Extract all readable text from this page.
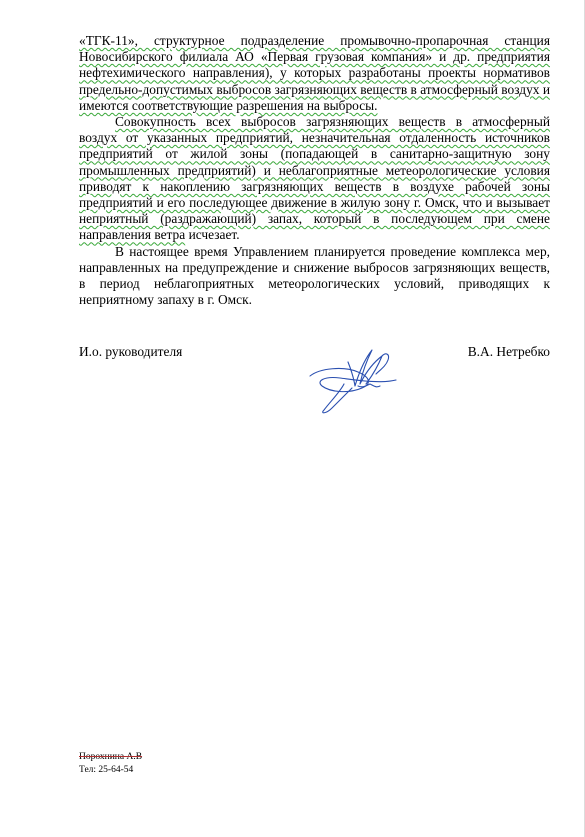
«ТГК-11», структурное подразделение промывочно-пропарочная станция Новосибирского филиала АО «Первая грузовая компания» и др. предприятия нефтехимического направления), у которых разработаны проекты нормативов предельно-допустимых выбросов загрязняющих веществ в атмосферный воздух и имеются соответствующие разрешения на выбросы.

Совокупность всех выбросов загрязняющих веществ в атмосферный воздух от указанных предприятий, незначительная отдаленность источников предприятий от жилой зоны (попадающей в санитарно-защитную зону промышленных предприятий) и неблагоприятные метеорологические условия приводят к накоплению загрязняющих веществ в воздухе рабочей зоны предприятий и его последующее движение в жилую зону г. Омск, что и вызывает неприятный (раздражающий) запах, который в последующем при смене направления ветра исчезает.

В настоящее время Управлением планируется проведение комплекса мер, направленных на предупреждение и снижение выбросов загрязняющих веществ, в период неблагоприятных метеорологических условий, приводящих к неприятному запаху в г. Омск.

И.о. руководителя	В.А. Нетребко
Порохнина А.В
Тел: 25-64-54
